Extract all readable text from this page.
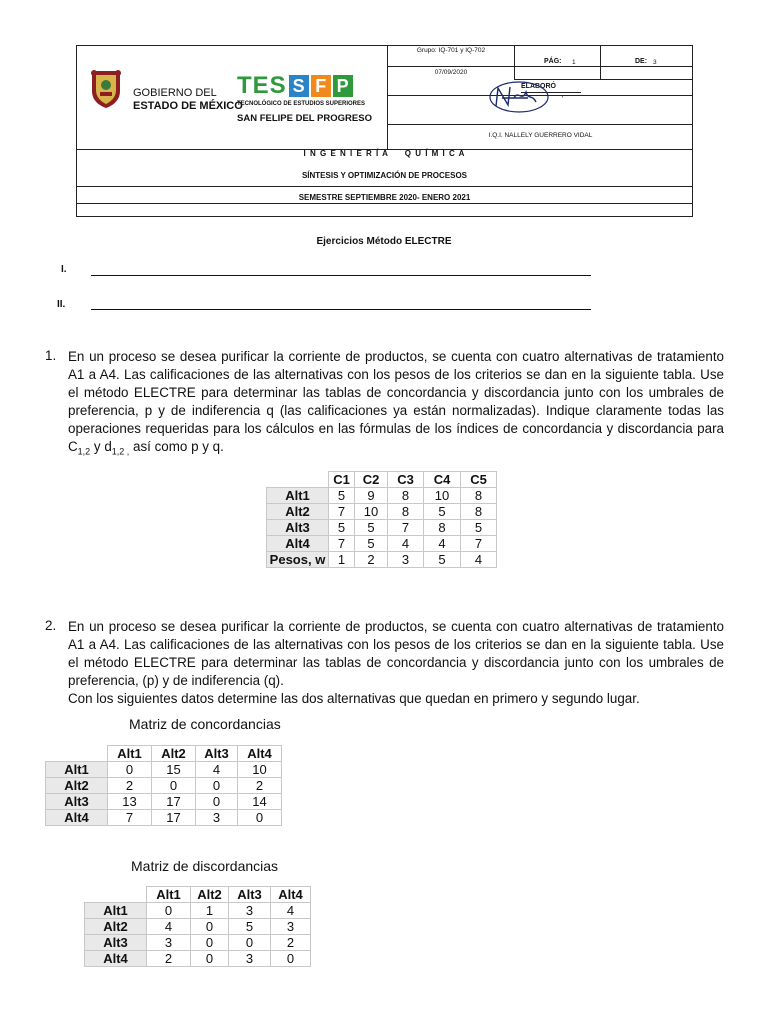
Grupo: IQ-701 y IQ-702
PÁG: 1	DE: 3
07/09/2020
ELABORÓ
'
I.Q.I. NALLELY GUERRERO VIDAL
GOBIERNO DEL
ESTADO DE MÉXICO
TES S F P
TECNOLÓGICO DE ESTUDIOS SUPERIORES
SAN FELIPE DEL PROGRESO
I N G E N I E R Í A     Q U Í M I C A
SÍNTESIS Y OPTIMIZACIÓN DE PROCESOS
SEMESTRE SEPTIEMBRE 2020- ENERO 2021
Ejercicios Método ELECTRE
I.
II.
1. En un proceso se desea purificar la corriente de productos, se cuenta con cuatro alternativas de tratamiento A1 a A4. Las calificaciones de las alternativas con los pesos de los criterios se dan en la siguiente tabla. Use el método ELECTRE para determinar las tablas de concordancia y discordancia junto con los umbrales de preferencia, p y de indiferencia q (las calificaciones ya están normalizadas). Indique claramente todas las operaciones requeridas para los cálculos en las fórmulas de los índices de concordancia y discordancia para $C_{1,2}$ y $d_{1,2 ,}$ así como p y q.
	C1	C2	C3	C4	C5
Alt1	5	9	8	10	8
Alt2	7	10	8	5	8
Alt3	5	5	7	8	5
Alt4	7	5	4	4	7
Pesos, w	1	2	3	5	4
2. En un proceso se desea purificar la corriente de productos, se cuenta con cuatro alternativas de tratamiento A1 a A4. Las calificaciones de las alternativas con los pesos de los criterios se dan en la siguiente tabla. Use el método ELECTRE para determinar las tablas de concordancia y discordancia junto con los umbrales de preferencia, (p) y de indiferencia (q).
Con los siguientes datos determine las dos alternativas que quedan en primero y segundo lugar.
Matriz de concordancias
	Alt1	Alt2	Alt3	Alt4
Alt1	0	15	4	10
Alt2	2	0	0	2
Alt3	13	17	0	14
Alt4	7	17	3	0
Matriz de discordancias
	Alt1	Alt2	Alt3	Alt4
Alt1	0	1	3	4
Alt2	4	0	5	3
Alt3	3	0	0	2
Alt4	2	0	3	0
